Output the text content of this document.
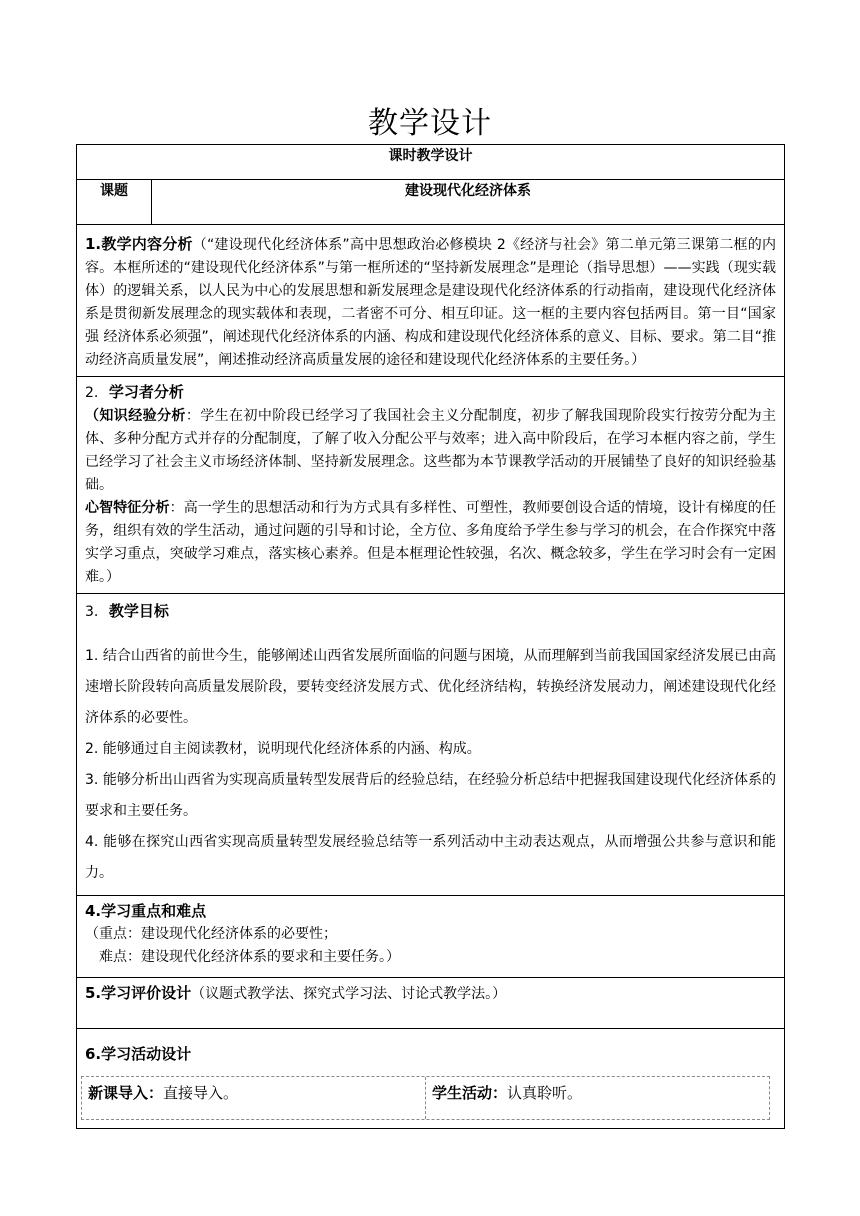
教学设计
课时教学设计
课题	建设现代化经济体系

1.教学内容分析（“建设现代化经济体系”高中思想政治必修模块 2《经济与社会》第二单元第三课第二框的内容。本框所述的“建设现代化经济体系”与第一框所述的“坚持新发展理念”是理论（指导思想）——实践（现实载体）的逻辑关系，以人民为中心的发展思想和新发展理念是建设现代化经济体系的行动指南，建设现代化经济体系是贯彻新发展理念的现实载体和表现，二者密不可分、相互印证。这一框的主要内容包括两目。第一目“国家强 经济体系必须强”，阐述现代化经济体系的内涵、构成和建设现代化经济体系的意义、目标、要求。第二目“推动经济高质量发展”，阐述推动经济高质量发展的途径和建设现代化经济体系的主要任务。）

2. 学习者分析
（知识经验分析：学生在初中阶段已经学习了我国社会主义分配制度，初步了解我国现阶段实行按劳分配为主体、多种分配方式并存的分配制度，了解了收入分配公平与效率；进入高中阶段后，在学习本框内容之前，学生已经学习了社会主义市场经济体制、坚持新发展理念。这些都为本节课教学活动的开展铺垫了良好的知识经验基础。
心智特征分析：高一学生的思想活动和行为方式具有多样性、可塑性，教师要创设合适的情境，设计有梯度的任务，组织有效的学生活动，通过问题的引导和讨论，全方位、多角度给予学生参与学习的机会，在合作探究中落实学习重点，突破学习难点，落实核心素养。但是本框理论性较强，名次、概念较多，学生在学习时会有一定困难。）

3. 教学目标

1. 结合山西省的前世今生，能够阐述山西省发展所面临的问题与困境，从而理解到当前我国国家经济发展已由高速增长阶段转向高质量发展阶段，要转变经济发展方式、优化经济结构，转换经济发展动力，阐述建设现代化经济体系的必要性。

2. 能够通过自主阅读教材，说明现代化经济体系的内涵、构成。

3. 能够分析出山西省为实现高质量转型发展背后的经验总结，在经验分析总结中把握我国建设现代化经济体系的要求和主要任务。

4. 能够在探究山西省实现高质量转型发展经验总结等一系列活动中主动表达观点，从而增强公共参与意识和能力。

4.学习重点和难点
（重点：建设现代化经济体系的必要性；
难点：建设现代化经济体系的要求和主要任务。）

5.学习评价设计（议题式教学法、探究式学习法、讨论式教学法。）

6.学习活动设计
新课导入：直接导入。	学生活动：认真聆听。
